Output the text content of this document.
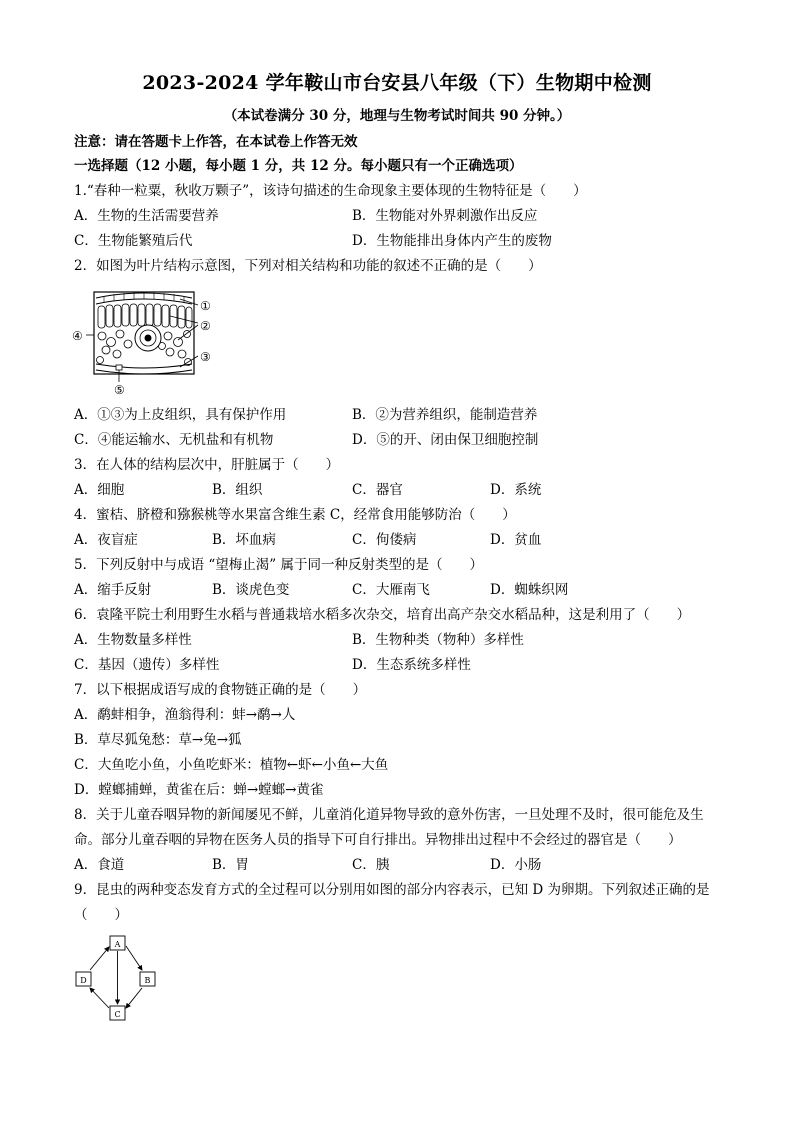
2023-2024 学年鞍山市台安县八年级（下）生物期中检测
（本试卷满分 30 分，地理与生物考试时间共 90 分钟。）
注意：请在答题卡上作答，在本试卷上作答无效
一选择题（12 小题，每小题 1 分，共 12 分。每小题只有一个正确选项）
1.“春种一粒粟，秋收万颗子”，该诗句描述的生命现象主要体现的生物特征是（　　）
A．生物的生活需要营养	B．生物能对外界刺激作出反应
C．生物能繁殖后代	D．生物能排出身体内产生的废物
2．如图为叶片结构示意图，下列对相关结构和功能的叙述不正确的是（　　）
①
②
③
④
⑤
A．①③为上皮组织，具有保护作用	B．②为营养组织，能制造营养
C．④能运输水、无机盐和有机物	D．⑤的开、闭由保卫细胞控制
3．在人体的结构层次中，肝脏属于（　　）
A．细胞	B．组织	C．器官	D．系统
4．蜜桔、脐橙和猕猴桃等水果富含维生素 C，经常食用能够防治（　　）
A．夜盲症	B．坏血病	C．佝偻病	D．贫血
5．下列反射中与成语 “望梅止渴” 属于同一种反射类型的是（　　）
A．缩手反射	B．谈虎色变	C．大雁南飞	D．蜘蛛织网
6．袁隆平院士利用野生水稻与普通栽培水稻多次杂交，培育出高产杂交水稻品种，这是利用了（　　）
A．生物数量多样性	B．生物种类（物种）多样性
C．基因（遗传）多样性	D．生态系统多样性
7．以下根据成语写成的食物链正确的是（　　）
A．鹬蚌相争，渔翁得利：蚌→鹬→人
B．草尽狐兔愁：草→兔→狐
C．大鱼吃小鱼，小鱼吃虾米：植物←虾←小鱼←大鱼
D．螳螂捕蝉，黄雀在后：蝉→螳螂→黄雀
8．关于儿童吞咽异物的新闻屡见不鲜，儿童消化道异物导致的意外伤害，一旦处理不及时，很可能危及生命。部分儿童吞咽的异物在医务人员的指导下可自行排出。异物排出过程中不会经过的器官是（　　）
A．食道	B．胃	C．胰	D．小肠
9．昆虫的两种变态发育方式的全过程可以分别用如图的部分内容表示，已知 D 为卵期。下列叙述正确的是（　　）
A
B
C
D
